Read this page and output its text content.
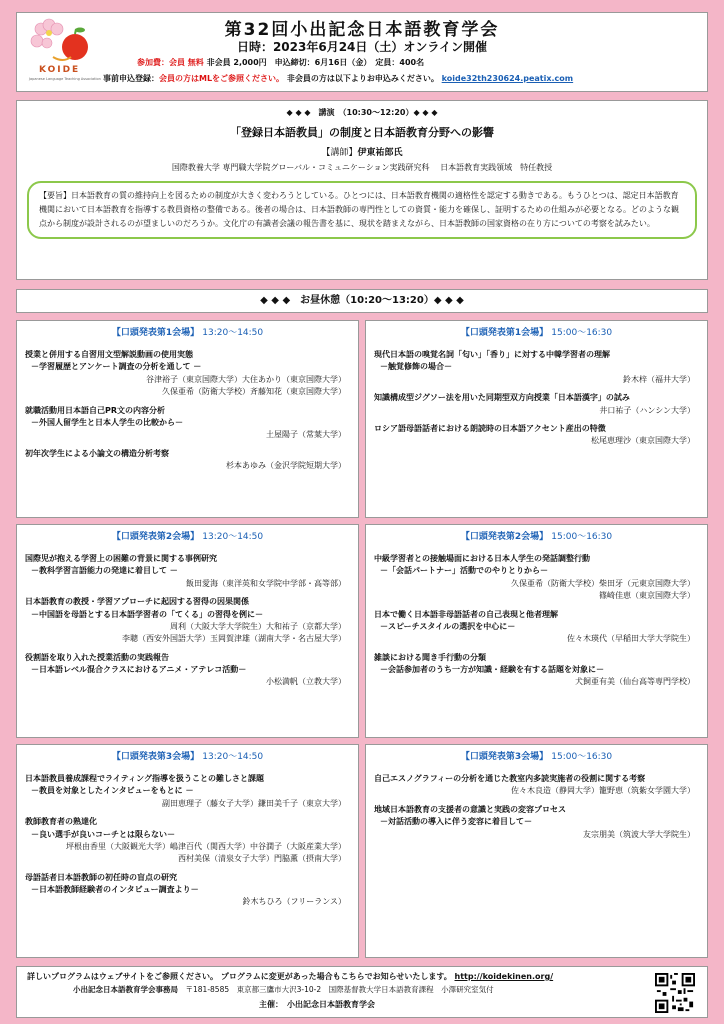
KOIDE
Japanese Language Teaching Association
第32回小出記念日本語教育学会
日時：2023年6月24日（土）オンライン開催
参加費：会員 無料 非会員 2,000円　申込締切：6月16日（金）　定員：400名
事前申込登録：会員の方はMLをご参照ください。 非会員の方は以下よりお申込みください。 koide32th230624.peatix.com
◆ ◆ ◆　講演　（10:30〜12:20）◆ ◆ ◆
「登録日本語教員」の制度と日本語教育分野への影響
【講師】伊東祐郎氏
国際教養大学 専門職大学院グローバル・コミュニケーション実践研究科　 日本語教育実践領域　特任教授
【要旨】日本語教育の質の維持向上を図るための制度が大きく変わろうとしている。ひとつには、日本語教育機関の適格性を認定する動きである。もうひとつは、認定日本語教育機関において日本語教育を指導する教員資格の整備である。後者の場合は、日本語教師の専門性としての資質・能力を確保し、証明するための仕組みが必要となる。どのような観点から制度が設計されるのが望ましいのだろうか。文化庁の有識者会議の報告書を基に、現状を踏まえながら、日本語教師の国家資格の在り方についての考察を試みたい。
◆ ◆ ◆　お昼休憩（10:20〜13:20）◆ ◆ ◆
【口頭発表第1会場】 13:20〜14:50
授業と併用する自習用文型解説動画の使用実態
－学習履歴とアンケート調査の分析を通して －
谷津裕子（東京国際大学）大住あかり（東京国際大学）
久保亜希（防衛大学校）斉藤知花（東京国際大学）
就職活動用日本語自己PR文の内容分析
－外国人留学生と日本人学生の比較から－
土屋陽子（常葉大学）
初年次学生による小論文の構造分析考察
杉本あゆみ（金沢学院短期大学）
【口頭発表第1会場】 15:00〜16:30
現代日本語の嗅覚名詞「匂い」「香り」に対する中韓学習者の理解
－触覚修飾の場合－
鈴木梓（福井大学）
知識構成型ジグソー法を用いた同期型双方向授業「日本語漢字」の試み
井口祐子（ハンシン大学）
ロシア語母語話者における朗読時の日本語アクセント産出の特徴
松尾恵理沙（東京国際大学）
【口頭発表第2会場】 13:20〜14:50
国際児が抱える学習上の困難の背景に関する事例研究
－教科学習言語能力の発達に着目して －
飯田愛海（東洋英和女学院中学部・高等部）
日本語教育の教授・学習アプローチに起因する習得の因果関係
－中国語を母語とする日本語学習者の「てくる」の習得を例に－
周利（大阪大学大学院生）大和祐子（京都大学）
李聰（西安外国語大学）玉岡賀津雄（湖南大学・名古屋大学）
役割語を取り入れた授業活動の実践報告
－日本語レベル混合クラスにおけるアニメ・アテレコ活動－
小松満帆（立教大学）
【口頭発表第2会場】 15:00〜16:30
中級学習者との接触場面における日本人学生の発話調整行動
－「会話パートナー」活動でのやりとりから－
久保亜希（防衛大学校）柴田牙（元東京国際大学）
篠崎佳恵（東京国際大学）
日本で働く日本語非母語話者の自己表現と他者理解
－スピーチスタイルの選択を中心に－
佐々木瑛代（早稲田大学大学院生）
雑談における聞き手行動の分類
－会話参加者のうち一方が知識・経験を有する話題を対象に－
犬飼亜有美（仙台高等専門学校）
【口頭発表第3会場】 13:20〜14:50
日本語教員養成課程でライティング指導を扱うことの難しさと課題
－教員を対象としたインタビューをもとに －
副田恵理子（藤女子大学）鎌田美千子（東京大学）
教師教育者の熟達化
－良い選手が良いコーチとは限らない－
坪根由香里（大阪観光大学）嶋津百代（関西大学）中谷潤子（大阪産業大学）
西村美保（清泉女子大学）門脇薫（摂南大学）
母語話者日本語教師の初任時の盲点の研究
－日本語教師経験者のインタビュー調査より－
鈴木ちひろ（フリーランス）
【口頭発表第3会場】 15:00〜16:30
自己エスノグラフィーの分析を通じた教室内多読実施者の役割に関する考察
佐々木良造（静岡大学）籠野恵（筑紫女学園大学）
地域日本語教育の支援者の意識と実践の変容プロセス
－対話活動の導入に伴う変容に着目して－
友宗朋美（筑波大学大学院生）
詳しいプログラムはウェブサイトをご参照ください。 プログラムに変更があった場合もこちらでお知らせいたします。 http://koidekinen.org/
小出記念日本語教育学会事務局　 〒181-8585　東京都三鷹市大沢3-10-2　国際基督教大学日本語教育課程　小澤研究室気付
主催：　小出記念日本語教育学会
